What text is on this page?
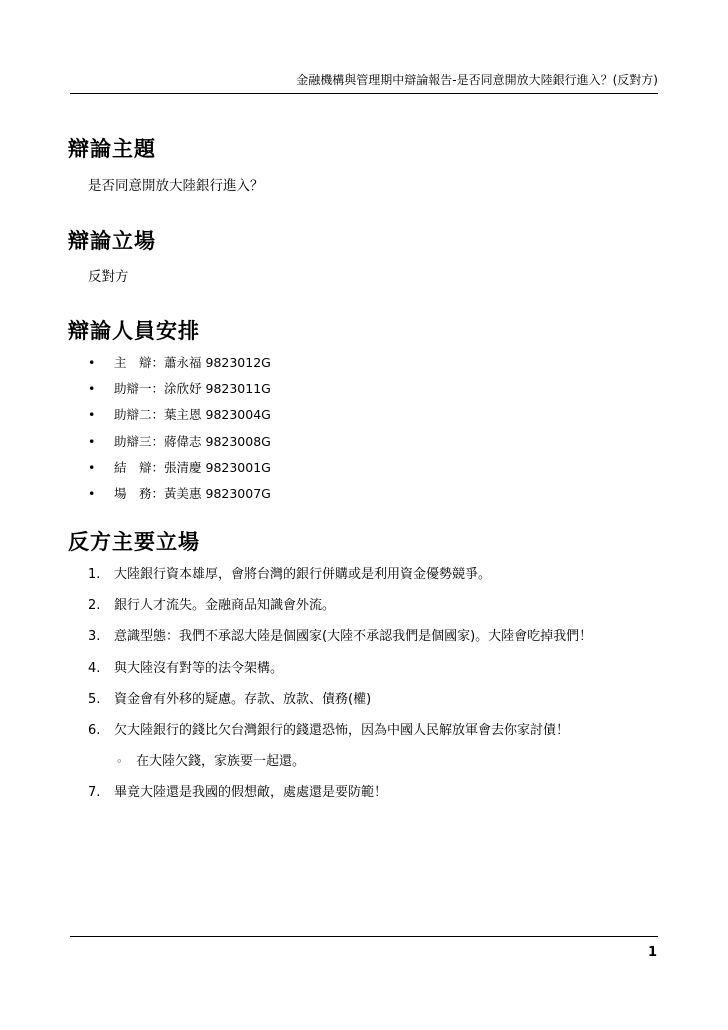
金融機構與管理期中辯論報告-是否同意開放大陸銀行進入？(反對方)
辯論主題

是否同意開放大陸銀行進入？

辯論立場

反對方

辯論人員安排
• 主　辯：蕭永福 9823012G
• 助辯一：涂欣妤 9823011G
• 助辯二：葉主恩 9823004G
• 助辯三：蔣偉志 9823008G
• 結　辯：張清慶 9823001G
• 場　務：黃美惠 9823007G
反方主要立場
1. 大陸銀行資本雄厚，會將台灣的銀行併購或是利用資金優勢競爭。
2. 銀行人才流失。金融商品知識會外流。
3. 意識型態：我們不承認大陸是個國家(大陸不承認我們是個國家)。大陸會吃掉我們！
4. 與大陸沒有對等的法令架構。
5. 資金會有外移的疑慮。存款、放款、債務(權)
6. 欠大陸銀行的錢比欠台灣銀行的錢還恐怖，因為中國人民解放軍會去你家討債！
◦ 在大陸欠錢，家族要一起還。
7. 畢竟大陸還是我國的假想敵，處處還是要防範！
1
